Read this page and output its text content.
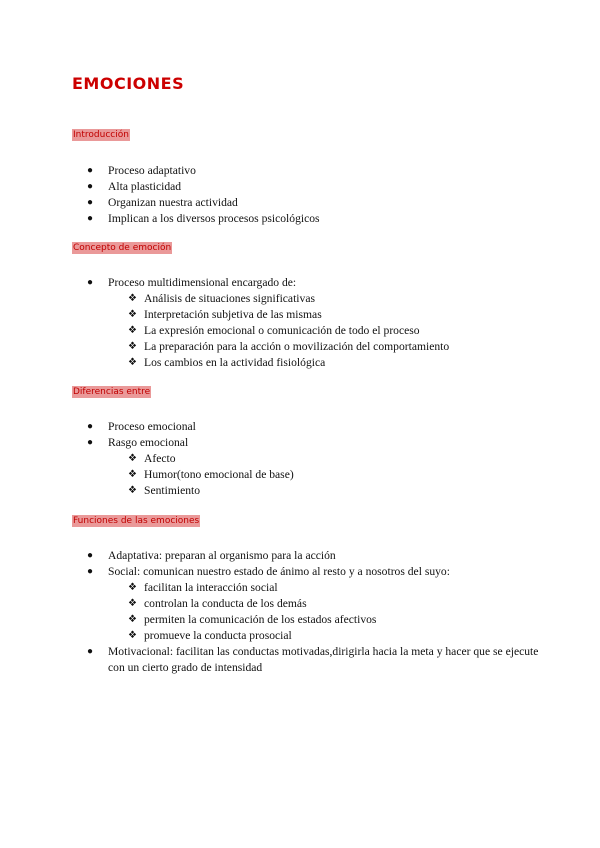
EMOCIONES
Introducción
● Proceso adaptativo
● Alta plasticidad
● Organizan nuestra actividad
● Implican a los diversos procesos psicológicos
Concepto de emoción
● Proceso multidimensional encargado de:
❖ Análisis de situaciones significativas
❖ Interpretación subjetiva de las mismas
❖ La expresión emocional o comunicación de todo el proceso
❖ La preparación para la acción o movilización del comportamiento
❖ Los cambios en la actividad fisiológica
Diferencias entre
● Proceso emocional
● Rasgo emocional
❖ Afecto
❖ Humor(tono emocional de base)
❖ Sentimiento
Funciones de las emociones
● Adaptativa: preparan al organismo para la acción
● Social: comunican nuestro estado de ánimo al resto y a nosotros del suyo:
❖ facilitan la interacción social
❖ controlan la conducta de los demás
❖ permiten la comunicación de los estados afectivos
❖ promueve la conducta prosocial
● Motivacional: facilitan las conductas motivadas,dirigirla hacia la meta y hacer que se ejecute con un cierto grado de intensidad
